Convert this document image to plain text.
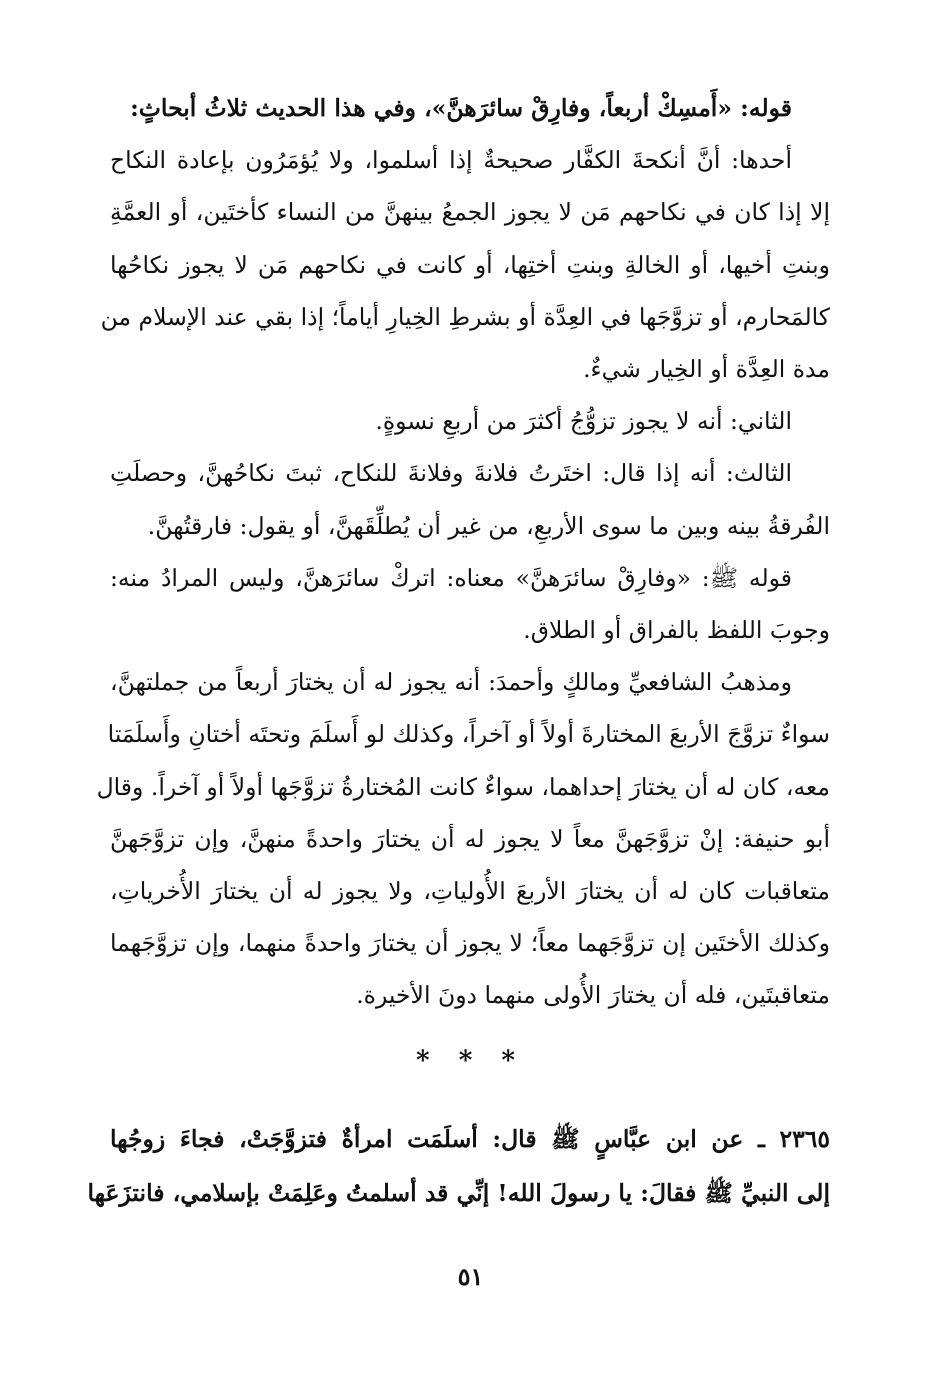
قوله: «أَمسِكْ أربعاً، وفارِقْ سائرَهنَّ»، وفي هذا الحديث ثلاثُ أبحاثٍ:

أحدها: أنَّ أنكحةَ الكفَّار صحيحةٌ إذا أسلموا، ولا يُؤمَرُون بإعادة النكاح
إلا إذا كان في نكاحهم مَن لا يجوز الجمعُ بينهنَّ من النساء كأختَين، أو العمَّةِ
وبنتِ أخيها، أو الخالةِ وبنتِ أختِها، أو كانت في نكاحهم مَن لا يجوز نكاحُها
كالمَحارم، أو تزوَّجَها في العِدَّة أو بشرطِ الخِيارِ أياماً؛ إذا بقي عند الإسلام من
مدة العِدَّة أو الخِيار شيءٌ.

الثاني: أنه لا يجوز تزوُّجُ أكثرَ من أربعِ نسوةٍ.

الثالث: أنه إذا قال: اختَرتُ فلانةَ وفلانةَ للنكاح، ثبتَ نكاحُهنَّ، وحصلَتِ
الفُرقةُ بينه وبين ما سوى الأربعِ، من غير أن يُطلِّقَهنَّ، أو يقول: فارقتُهنَّ.

قوله ﷺ: «وفارِقْ سائرَهنَّ» معناه: اتركْ سائرَهنَّ، وليس المرادُ منه:
وجوبَ اللفظ بالفراق أو الطلاق.

ومذهبُ الشافعيِّ ومالكٍ وأحمدَ: أنه يجوز له أن يختارَ أربعاً من جملتهنَّ،
سواءٌ تزوَّجَ الأربعَ المختارةَ أولاً أو آخراً، وكذلك لو أَسلَمَ وتحتَه أختانِ وأَسلَمَتا
معه، كان له أن يختارَ إحداهما، سواءٌ كانت المُختارةُ تزوَّجَها أولاً أو آخراً. وقال
أبو حنيفة: إنْ تزوَّجَهنَّ معاً لا يجوز له أن يختارَ واحدةً منهنَّ، وإن تزوَّجَهنَّ
متعاقبات كان له أن يختارَ الأربعَ الأُولياتِ، ولا يجوز له أن يختارَ الأُخرياتِ،
وكذلك الأختَين إن تزوَّجَهما معاً؛ لا يجوز أن يختارَ واحدةً منهما، وإن تزوَّجَهما
متعاقبتَين، فله أن يختارَ الأُولى منهما دونَ الأخيرة.

* * *
٢٣٦٥ ـ عن ابن عبَّاسٍ ﷺ قال: أسلَمَت امرأةٌ فتزوَّجَتْ، فجاءَ زوجُها
إلى النبيِّ ﷺ فقالَ: يا رسولَ الله! إنِّي قد أسلمتُ وعَلِمَتْ بإسلامي، فانتزَعَها
٥١
